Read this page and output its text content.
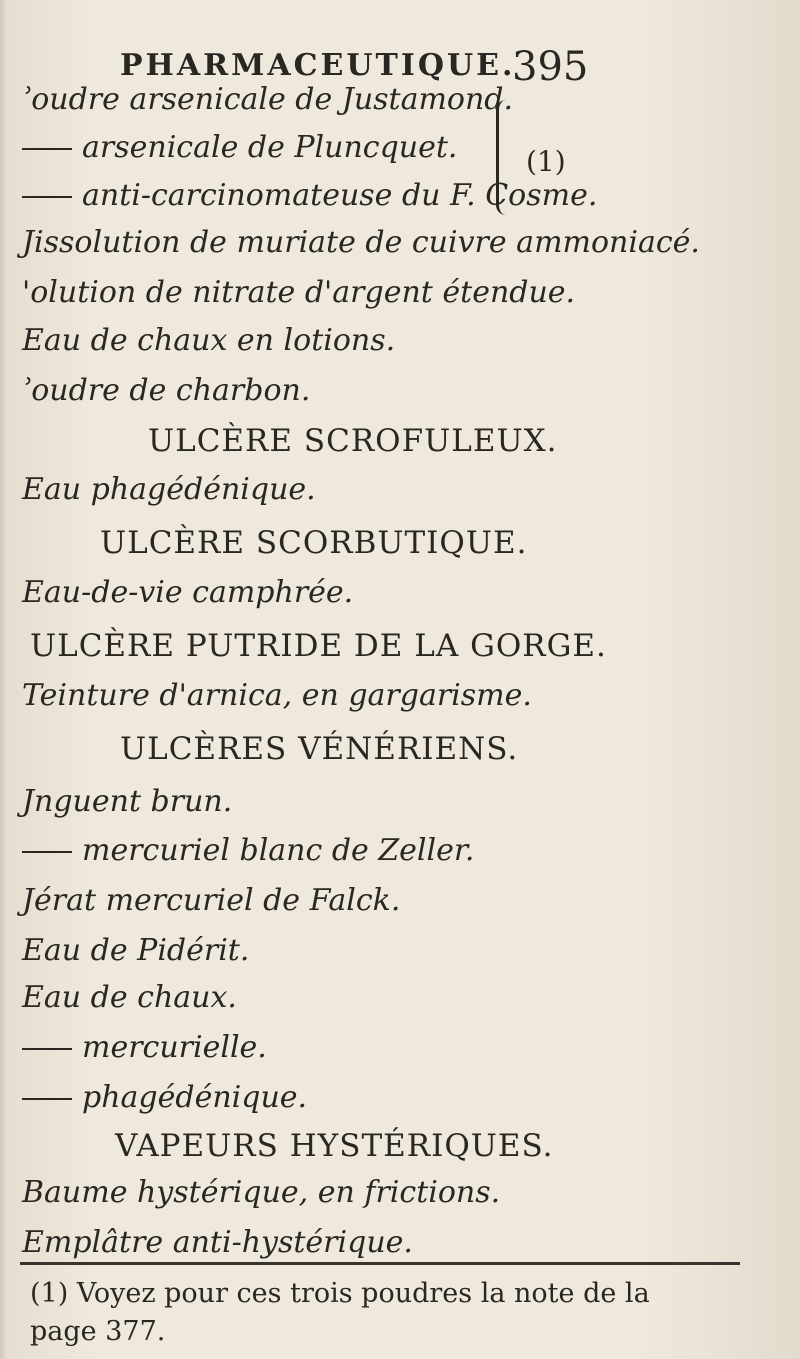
PHARMACEUTIQUE.
395
ʾoudre arsenicale de Justamond.
arsenicale de Pluncquet.
anti-carcinomateuse du F. Cosme.
(1)
Jissolution de muriate de cuivre ammoniacé.
'olution de nitrate d'argent étendue.
Eau de chaux en lotions.
ʾoudre de charbon.
ULCÈRE SCROFULEUX.
Eau phagédénique.
ULCÈRE SCORBUTIQUE.
Eau-de-vie camphrée.
ULCÈRE PUTRIDE DE LA GORGE.
Teinture d'arnica, en gargarisme.
ULCÈRES VÉNÉRIENS.
Jnguent brun.
mercuriel blanc de Zeller.
Jérat mercuriel de Falck.
Eau de Pidérit.
Eau de chaux.
mercurielle.
phagédénique.
VAPEURS HYSTÉRIQUES.
Baume hystérique, en frictions.
Emplâtre anti-hystérique.
(1) Voyez pour ces trois poudres la note de la
page 377.
